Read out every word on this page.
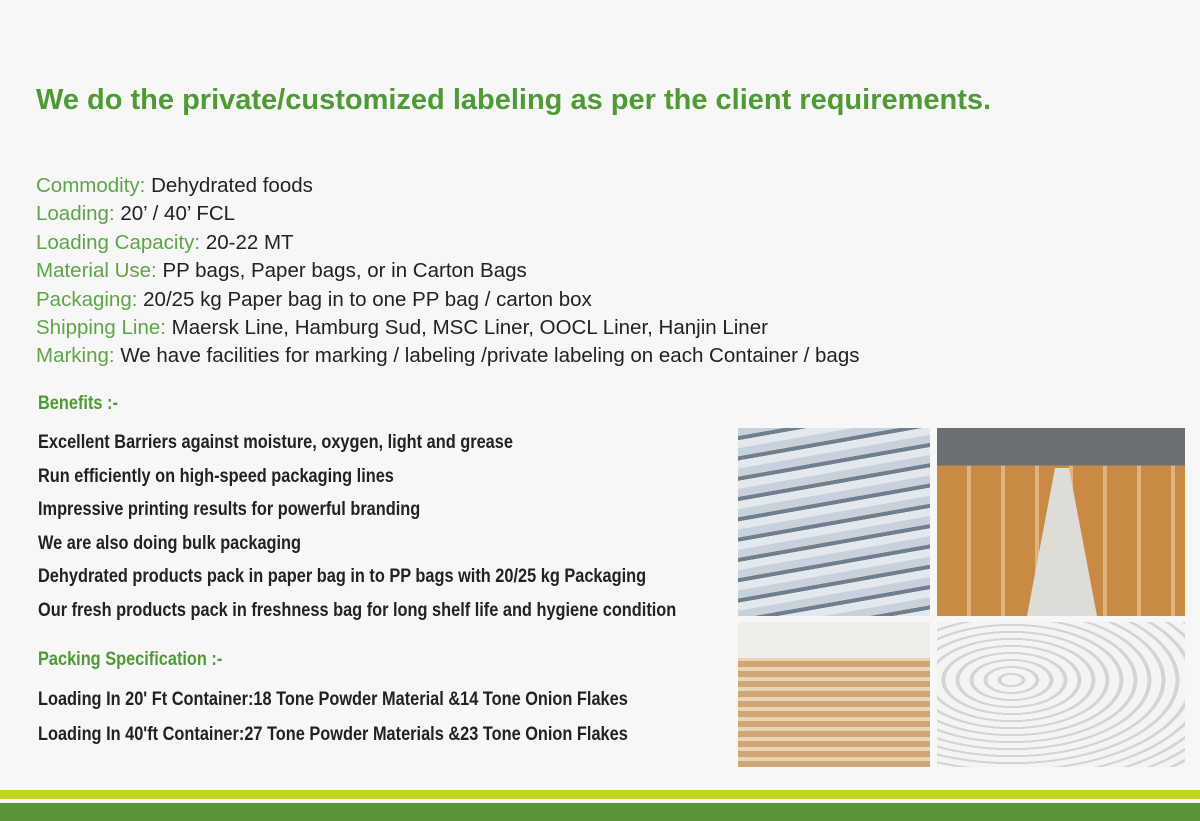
We do the private/customized labeling as per the client requirements.
Commodity: Dehydrated foods
Loading: 20’ / 40’ FCL
Loading Capacity: 20-22 MT
Material Use: PP bags, Paper bags, or in Carton Bags
Packaging: 20/25 kg Paper bag in to one PP bag / carton box
Shipping Line: Maersk Line, Hamburg Sud, MSC Liner, OOCL Liner, Hanjin Liner
Marking: We have facilities for marking / labeling /private labeling on each Container / bags
Benefits :-
Excellent Barriers against moisture, oxygen, light and grease
Run efficiently on high-speed packaging lines
Impressive printing results for powerful branding
We are also doing bulk packaging
Dehydrated products pack in paper bag in to PP bags with 20/25 kg Packaging
Our fresh products pack in freshness bag for long shelf life and hygiene condition
Packing Specification :-
Loading In 20' Ft Container:18 Tone Powder Material &14 Tone Onion Flakes
Loading In 40'ft Container:27 Tone Powder Materials &23 Tone Onion Flakes
